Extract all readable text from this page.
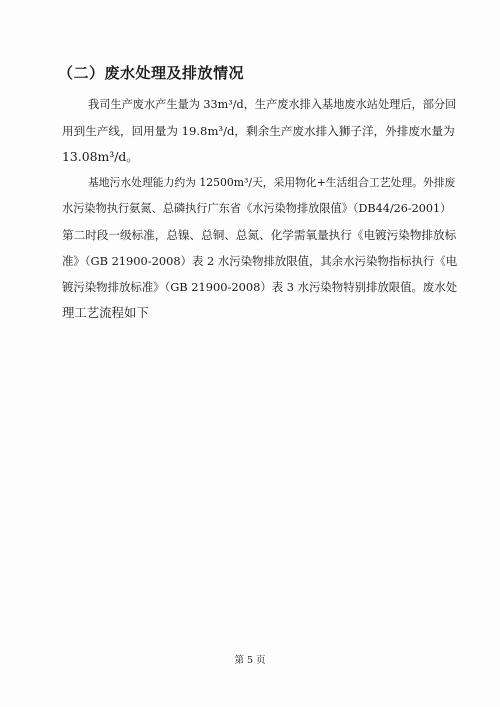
（二）废水处理及排放情况
我司生产废水产生量为 33m³/d，生产废水排入基地废水站处理后，部分回
用到生产线，回用量为 19.8m³/d，剩余生产废水排入狮子洋，外排废水量为
13.08m³/d。
基地污水处理能力约为 12500m³/天，采用物化+生活组合工艺处理。外排废
水污染物执行氨氮、总磷执行广东省《水污染物排放限值》（DB44/26-2001）
第二时段一级标准，总镍、总铜、总氮、化学需氧量执行《电镀污染物排放标
准》（GB 21900-2008）表 2 水污染物排放限值，其余水污染物指标执行《电
镀污染物排放标准》（GB 21900-2008）表 3 水污染物特别排放限值。废水处
理工艺流程如下
第 5 页
